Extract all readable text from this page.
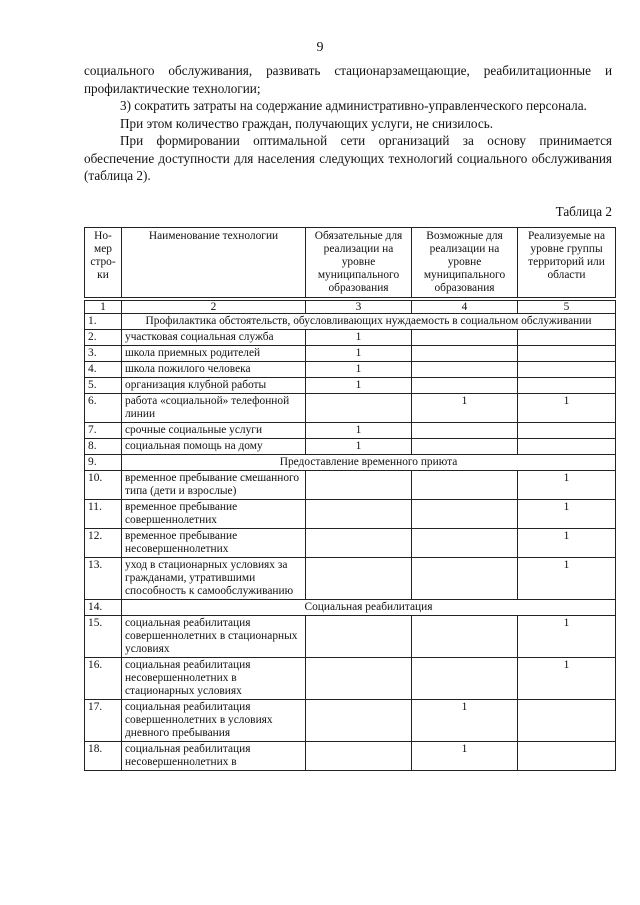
9

социального обслуживания, развивать стационарзамещающие, реабилитационные и профилактические технологии;

3) сократить затраты на содержание административно-управленческого персонала.

При этом количество граждан, получающих услуги, не снизилось.

При формировании оптимальной сети организаций за основу принимается обеспечение доступности для населения следующих технологий социального обслуживания (таблица 2).

Таблица 2
Но-
мер
стро-
ки	Наименование технологии	Обязательные для реализации на уровне муниципального образования	Возможные для реализации на уровне муниципального образования	Реализуемые на уровне группы территорий или области

1	2	3	4	5
1.	Профилактика обстоятельств, обусловливающих нуждаемость в социальном обслуживании			
2.	участковая социальная служба	1		
3.	школа приемных родителей	1		
4.	школа пожилого человека	1		
5.	организация клубной работы	1		
6.	работа «социальной» телефонной линии		1	1
7.	срочные социальные услуги	1		
8.	социальная помощь на дому	1		
9.	Предоставление временного приюта			
10.	временное пребывание смешанного типа (дети и взрослые)			1
11.	временное пребывание совершеннолетних			1
12.	временное пребывание несовершеннолетних			1
13.	уход в стационарных условиях за гражданами, утратившими способность к самообслуживанию			1
14.	Социальная реабилитация			
15.	социальная реабилитация совершеннолетних в стационарных условиях			1
16.	социальная реабилитация несовершеннолетних в стационарных условиях			1
17.	социальная реабилитация совершеннолетних в условиях дневного пребывания		1	
18.	социальная реабилитация несовершеннолетних в		1	
